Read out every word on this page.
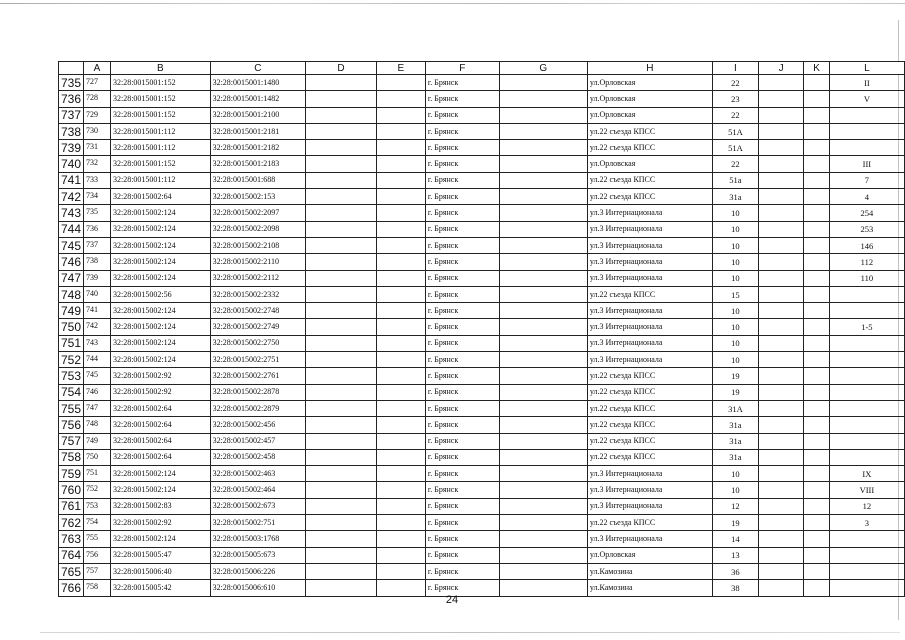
	A	B	C	D	E	F	G	H	I	J	K	L
735	727	32:28:0015001:152	32:28:0015001:1480			г. Брянск		ул.Орловская	22			II
736	728	32:28:0015001:152	32:28:0015001:1482			г. Брянск		ул.Орловская	23			V
737	729	32:28:0015001:152	32:28:0015001:2100			г. Брянск		ул.Орловская	22			
738	730	32:28:0015001:112	32:28:0015001:2181			г. Брянск		ул.22 съезда КПСС	51А			
739	731	32:28:0015001:112	32:28:0015001:2182			г. Брянск		ул.22 съезда КПСС	51А			
740	732	32:28:0015001:152	32:28:0015001:2183			г. Брянск		ул.Орловская	22			III
741	733	32:28:0015001:112	32:28:0015001:688			г. Брянск		ул.22 съезда КПСС	51а			7
742	734	32:28:0015002:64	32:28:0015002:153			г. Брянск		ул.22 съезда КПСС	31а			4
743	735	32:28:0015002:124	32:28:0015002:2097			г. Брянск		ул.3 Интернационала	10			254
744	736	32:28:0015002:124	32:28:0015002:2098			г. Брянск		ул.3 Интернационала	10			253
745	737	32:28:0015002:124	32:28:0015002:2108			г. Брянск		ул.3 Интернационала	10			146
746	738	32:28:0015002:124	32:28:0015002:2110			г. Брянск		ул.3 Интернационала	10			112
747	739	32:28:0015002:124	32:28:0015002:2112			г. Брянск		ул.3 Интернационала	10			110
748	740	32:28:0015002:56	32:28:0015002:2332			г. Брянск		ул.22 съезда КПСС	15			
749	741	32:28:0015002:124	32:28:0015002:2748			г. Брянск		ул.3 Интернационала	10			
750	742	32:28:0015002:124	32:28:0015002:2749			г. Брянск		ул.3 Интернационала	10			1-5
751	743	32:28:0015002:124	32:28:0015002:2750			г. Брянск		ул.3 Интернационала	10			
752	744	32:28:0015002:124	32:28:0015002:2751			г. Брянск		ул.3 Интернационала	10			
753	745	32:28:0015002:92	32:28:0015002:2761			г. Брянск		ул.22 съезда КПСС	19			
754	746	32:28:0015002:92	32:28:0015002:2878			г. Брянск		ул.22 съезда КПСС	19			
755	747	32:28:0015002:64	32:28:0015002:2879			г. Брянск		ул.22 съезда КПСС	31А			
756	748	32:28:0015002:64	32:28:0015002:456			г. Брянск		ул.22 съезда КПСС	31а			
757	749	32:28:0015002:64	32:28:0015002:457			г. Брянск		ул.22 съезда КПСС	31а			
758	750	32:28:0015002:64	32:28:0015002:458			г. Брянск		ул.22 съезда КПСС	31а			
759	751	32:28:0015002:124	32:28:0015002:463			г. Брянск		ул.3 Интернационала	10			IX
760	752	32:28:0015002:124	32:28:0015002:464			г. Брянск		ул.3 Интернационала	10			VIII
761	753	32:28:0015002:83	32:28:0015002:673			г. Брянск		ул.3 Интернационала	12			12
762	754	32:28:0015002:92	32:28:0015002:751			г. Брянск		ул.22 съезда КПСС	19			3
763	755	32:28:0015002:124	32:28:0015003:1768			г. Брянск		ул.3 Интернационала	14			
764	756	32:28:0015005:47	32:28:0015005:673			г. Брянск		ул.Орловская	13			
765	757	32:28:0015006:40	32:28:0015006:226			г. Брянск		ул.Камозина	36			
766	758	32:28:0015005:42	32:28:0015006:610			г. Брянск		ул.Камозина	38			
24
